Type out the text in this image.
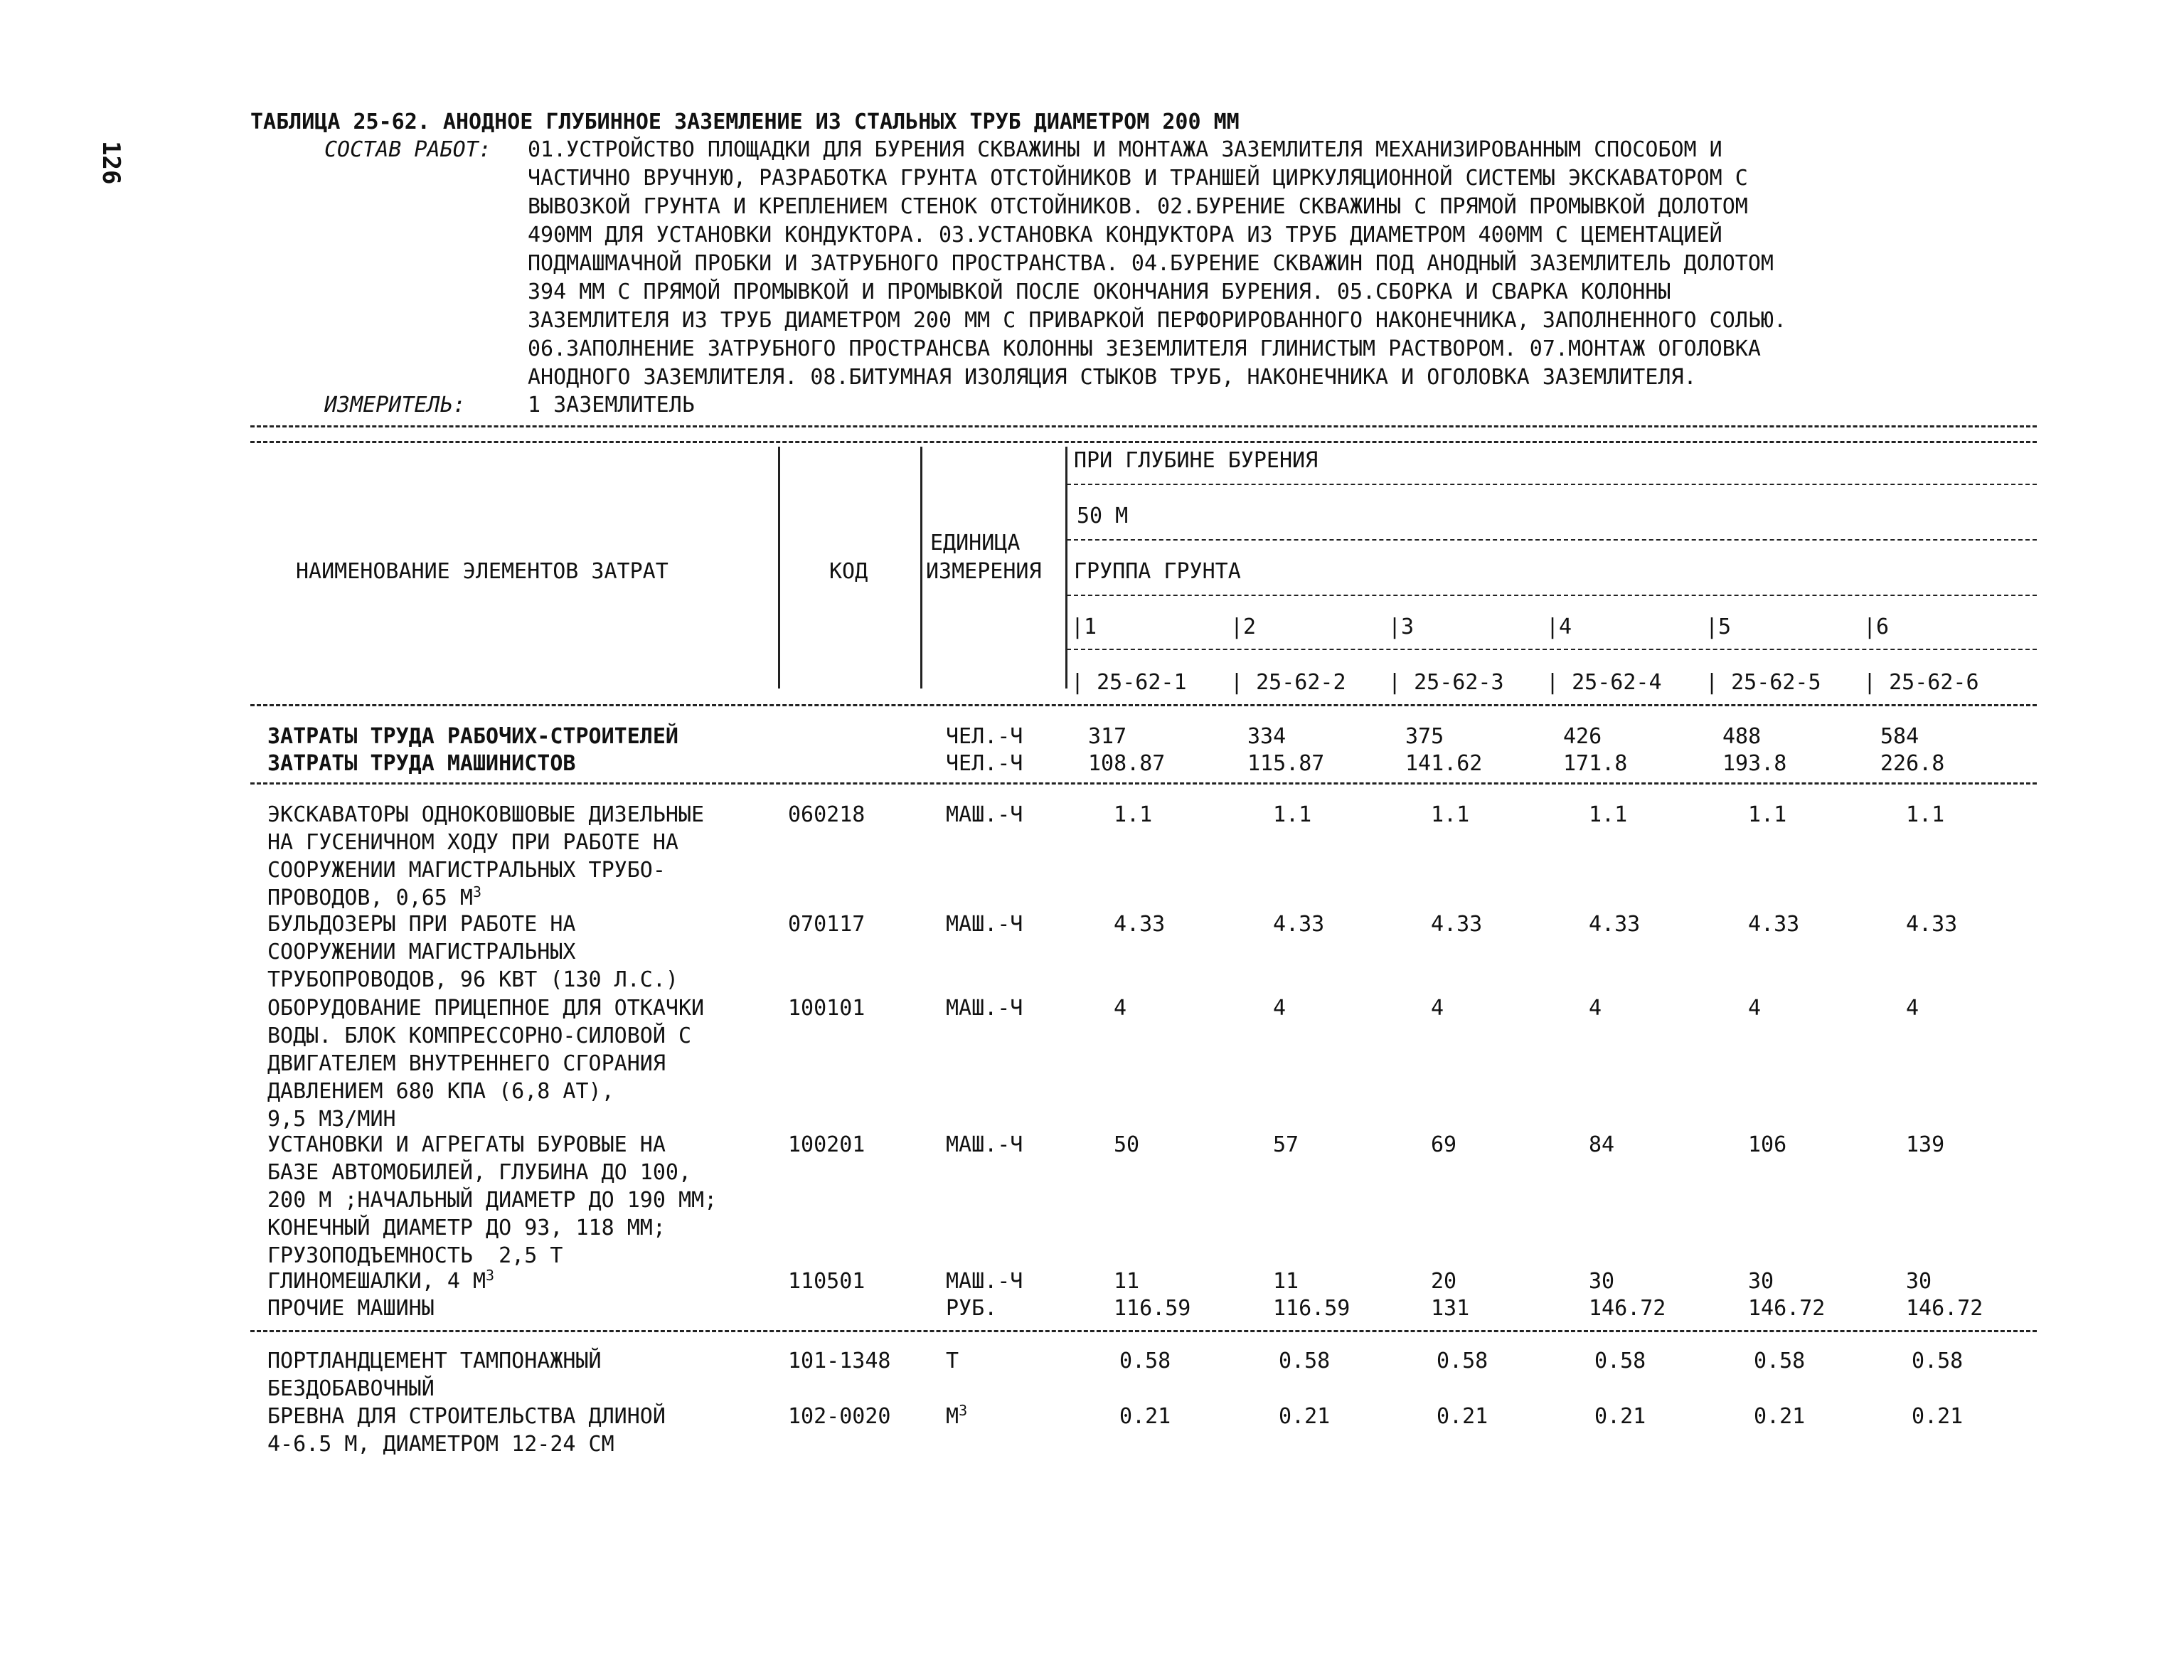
126
ТАБЛИЦА 25-62. АНОДНОЕ ГЛУБИННОЕ ЗАЗЕМЛЕНИЕ ИЗ СТАЛЬНЫХ ТРУБ ДИАМЕТРОМ 200 ММ
СОСТАВ РАБОТ: 01.УСТРОЙСТВО ПЛОЩАДКИ ДЛЯ БУРЕНИЯ СКВАЖИНЫ И МОНТАЖА ЗАЗЕМЛИТЕЛЯ МЕХАНИЗИРОВАННЫМ СПОСОБОМ И
ЧАСТИЧНО ВРУЧНУЮ, РАЗРАБОТКА ГРУНТА ОТСТОЙНИКОВ И ТРАНШЕЙ ЦИРКУЛЯЦИОННОЙ СИСТЕМЫ ЭКСКАВАТОРОМ С
ВЫВОЗКОЙ ГРУНТА И КРЕПЛЕНИЕМ СТЕНОК ОТСТОЙНИКОВ. 02.БУРЕНИЕ СКВАЖИНЫ С ПРЯМОЙ ПРОМЫВКОЙ ДОЛОТОМ
490ММ ДЛЯ УСТАНОВКИ КОНДУКТОРА. 03.УСТАНОВКА КОНДУКТОРА ИЗ ТРУБ ДИАМЕТРОМ 400ММ С ЦЕМЕНТАЦИЕЙ
ПОДМАШМАЧНОЙ ПРОБКИ И ЗАТРУБНОГО ПРОСТРАНСТВА. 04.БУРЕНИЕ СКВАЖИН ПОД АНОДНЫЙ ЗАЗЕМЛИТЕЛЬ ДОЛОТОМ
394 ММ С ПРЯМОЙ ПРОМЫВКОЙ И ПРОМЫВКОЙ ПОСЛЕ ОКОНЧАНИЯ БУРЕНИЯ. 05.СБОРКА И СВАРКА КОЛОННЫ
ЗАЗЕМЛИТЕЛЯ ИЗ ТРУБ ДИАМЕТРОМ 200 ММ С ПРИВАРКОЙ ПЕРФОРИРОВАННОГО НАКОНЕЧНИКА, ЗАПОЛНЕННОГО СОЛЬЮ.
06.ЗАПОЛНЕНИЕ ЗАТРУБНОГО ПРОСТРАНСВА КОЛОННЫ ЗЕЗЕМЛИТЕЛЯ ГЛИНИСТЫМ РАСТВОРОМ. 07.МОНТАЖ ОГОЛОВКА
АНОДНОГО ЗАЗЕМЛИТЕЛЯ. 08.БИТУМНАЯ ИЗОЛЯЦИЯ СТЫКОВ ТРУБ, НАКОНЕЧНИКА И ОГОЛОВКА ЗАЗЕМЛИТЕЛЯ.
ИЗМЕРИТЕЛЬ:	1 ЗАЗЕМЛИТЕЛЬ
НАИМЕНОВАНИЕ ЭЛЕМЕНТОВ ЗАТРАТ	КОД
ЕДИНИЦА
ИЗМЕРЕНИЯ
ПРИ ГЛУБИНЕ БУРЕНИЯ
50 М
ГРУППА ГРУНТА
|1	|2	|3	|4	|5	|6
| 25-62-1 | 25-62-2 | 25-62-3 | 25-62-4 | 25-62-5 | 25-62-6
ЗАТРАТЫ ТРУДА РАБОЧИХ-СТРОИТЕЛЕЙ	ЧЕЛ.-Ч	317	334	375	426	488	584
ЗАТРАТЫ ТРУДА МАШИНИСТОВ	ЧЕЛ.-Ч	108.87	115.87	141.62	171.8	193.8	226.8
ЭКСКАВАТОРЫ ОДНОКОВШОВЫЕ ДИЗЕЛЬНЫЕ
НА ГУСЕНИЧНОМ ХОДУ ПРИ РАБОТЕ НА
СООРУЖЕНИИ МАГИСТРАЛЬНЫХ ТРУБО-
ПРОВОДОВ, 0,65 $М^3$
060218	МАШ.-Ч	1.1	1.1	1.1	1.1	1.1	1.1
БУЛЬДОЗЕРЫ ПРИ РАБОТЕ НА
СООРУЖЕНИИ МАГИСТРАЛЬНЫХ
ТРУБОПРОВОДОВ, 96 КВТ (130 Л.С.)
070117	МАШ.-Ч	4.33	4.33	4.33	4.33	4.33	4.33
ОБОРУДОВАНИЕ ПРИЦЕПНОЕ ДЛЯ ОТКАЧКИ
ВОДЫ. БЛОК КОМПРЕССОРНО-СИЛОВОЙ С
ДВИГАТЕЛЕМ ВНУТРЕННЕГО СГОРАНИЯ
ДАВЛЕНИЕМ 680 КПА (6,8 АТ),
9,5 М3/МИН
100101	МАШ.-Ч	4	4	4	4	4	4
УСТАНОВКИ И АГРЕГАТЫ БУРОВЫЕ НА
БАЗЕ АВТОМОБИЛЕЙ, ГЛУБИНА ДО 100,
200 М ;НАЧАЛЬНЫЙ ДИАМЕТР ДО 190 ММ;
КОНЕЧНЫЙ ДИАМЕТР ДО 93, 118 ММ;
ГРУЗОПОДЪЕМНОСТЬ  2,5 Т
100201	МАШ.-Ч	50	57	69	84	106	139
ГЛИНОМЕШАЛКИ, 4 $М^3$	110501	МАШ.-Ч	11	11	20	30	30	30
ПРОЧИЕ МАШИНЫ	РУБ.	116.59	116.59	131	146.72	146.72	146.72
ПОРТЛАНДЦЕМЕНТ ТАМПОНАЖНЫЙ
БЕЗДОБАВОЧНЫЙ
101-1348	Т	0.58	0.58	0.58	0.58	0.58	0.58
БРЕВНА ДЛЯ СТРОИТЕЛЬСТВА ДЛИНОЙ
4-6.5 М, ДИАМЕТРОМ 12-24 СМ
102-0020	$М^3$	0.21	0.21	0.21	0.21	0.21	0.21
